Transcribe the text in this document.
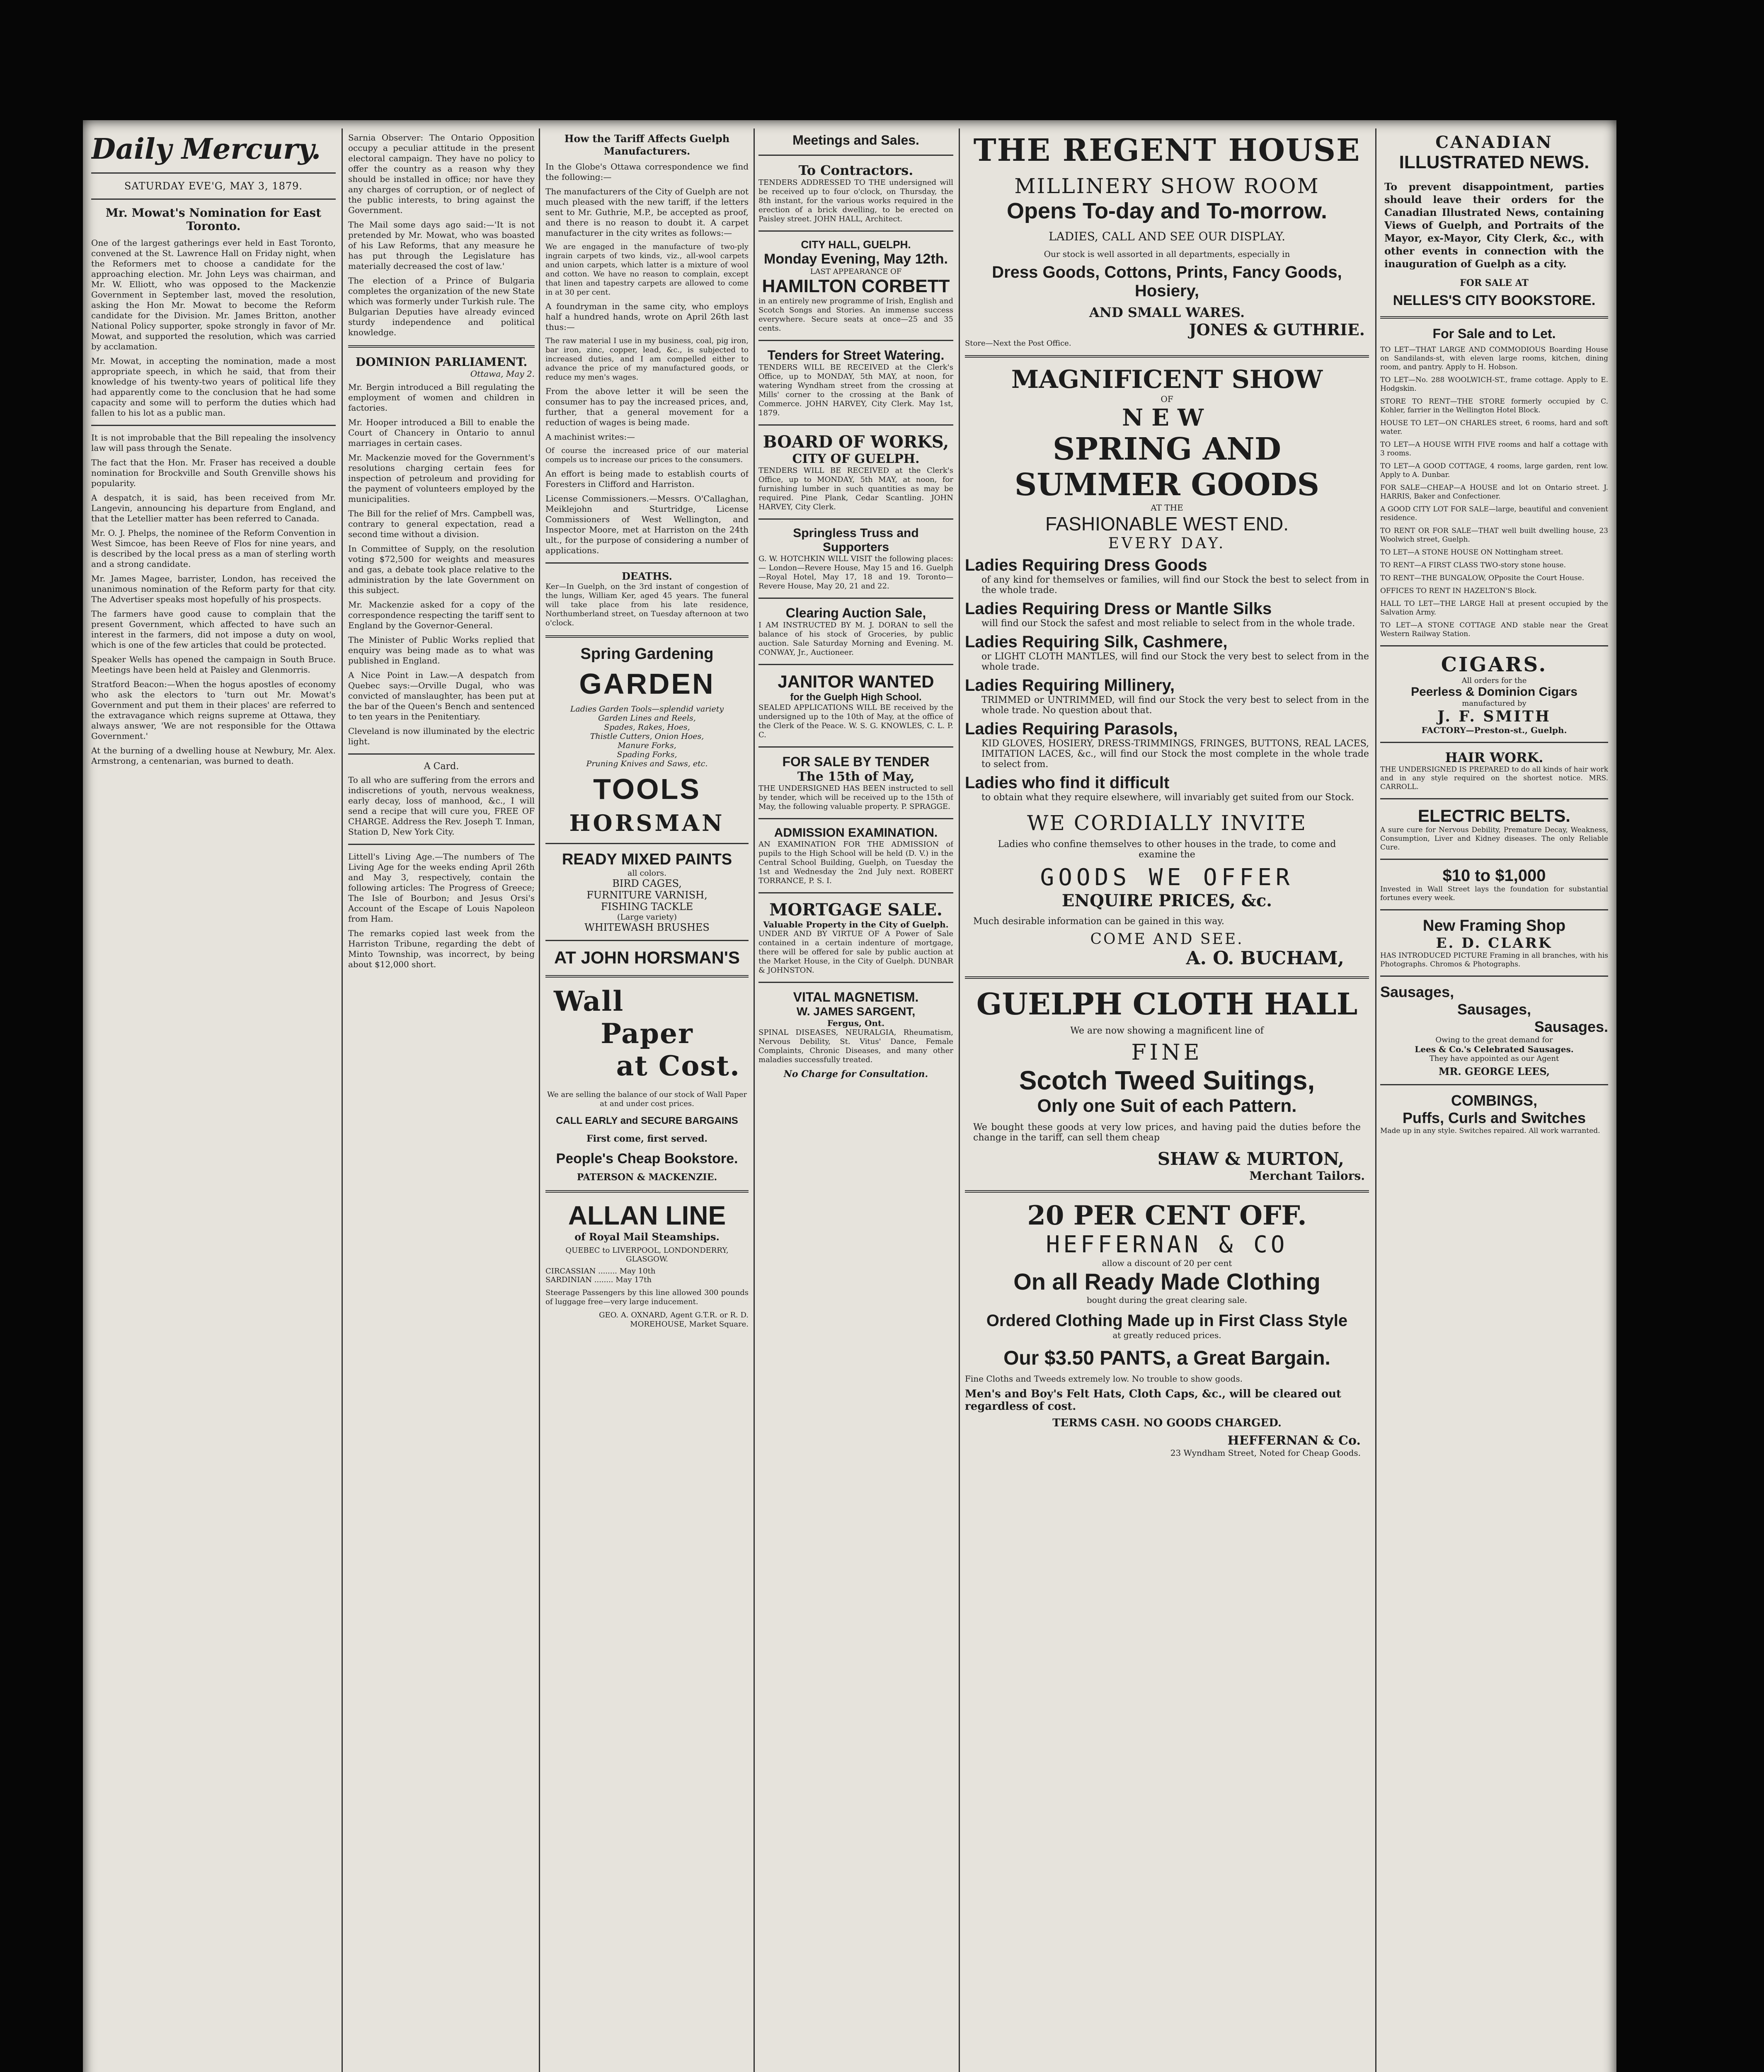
Daily Mercury.
SATURDAY EVE'G, MAY 3, 1879.
Mr. Mowat's Nomination for East Toronto.

One of the largest gatherings ever held in East Toronto, convened at the St. Lawrence Hall on Friday night, when the Reformers met to choose a candidate for the approaching election. Mr. John Leys was chairman, and Mr. W. Elliott, who was opposed to the Mackenzie Government in September last, moved the resolution, asking the Hon Mr. Mowat to become the Reform candidate for the Division. Mr. James Britton, another National Policy supporter, spoke strongly in favor of Mr. Mowat, and supported the resolution, which was carried by acclamation.

Mr. Mowat, in accepting the nomination, made a most appropriate speech, in which he said, that from their knowledge of his twenty-two years of political life they had apparently come to the conclusion that he had some capacity and some will to perform the duties which had fallen to his lot as a public man.

It is not improbable that the Bill repealing the insolvency law will pass through the Senate.

The fact that the Hon. Mr. Fraser has received a double nomination for Brockville and South Grenville shows his popularity.

A despatch, it is said, has been received from Mr. Langevin, announcing his departure from England, and that the Letellier matter has been referred to Canada.

Mr. O. J. Phelps, the nominee of the Reform Convention in West Simcoe, has been Reeve of Flos for nine years, and is described by the local press as a man of sterling worth and a strong candidate.

Mr. James Magee, barrister, London, has received the unanimous nomination of the Reform party for that city. The Advertiser speaks most hopefully of his prospects.

The farmers have good cause to complain that the present Government, which affected to have such an interest in the farmers, did not impose a duty on wool, which is one of the few articles that could be protected.

Speaker Wells has opened the campaign in South Bruce. Meetings have been held at Paisley and Glenmorris.

Stratford Beacon:—When the hogus apostles of economy who ask the electors to 'turn out Mr. Mowat's Government and put them in their places' are referred to the extravagance which reigns supreme at Ottawa, they always answer, 'We are not responsible for the Ottawa Government.'

At the burning of a dwelling house at Newbury, Mr. Alex. Armstrong, a centenarian, was burned to death.

Sarnia Observer: The Ontario Opposition occupy a peculiar attitude in the present electoral campaign. They have no policy to offer the country as a reason why they should be installed in office; nor have they any charges of corruption, or of neglect of the public interests, to bring against the Government.

The Mail some days ago said:—'It is not pretended by Mr. Mowat, who was boasted of his Law Reforms, that any measure he has put through the Legislature has materially decreased the cost of law.'

The election of a Prince of Bulgaria completes the organization of the new State which was formerly under Turkish rule. The Bulgarian Deputies have already evinced sturdy independence and political knowledge.

DOMINION PARLIAMENT.
Ottawa, May 2.

Mr. Bergin introduced a Bill regulating the employment of women and children in factories.

Mr. Hooper introduced a Bill to enable the Court of Chancery in Ontario to annul marriages in certain cases.

Mr. Mackenzie moved for the Government's resolutions charging certain fees for inspection of petroleum and providing for the payment of volunteers employed by the municipalities.

The Bill for the relief of Mrs. Campbell was, contrary to general expectation, read a second time without a division.

In Committee of Supply, on the resolution voting $72,500 for weights and measures and gas, a debate took place relative to the administration by the late Government on this subject.

Mr. Mackenzie asked for a copy of the correspondence respecting the tariff sent to England by the Governor-General.

The Minister of Public Works replied that enquiry was being made as to what was published in England.

A Nice Point in Law.—A despatch from Quebec says:—Orville Dugal, who was convicted of manslaughter, has been put at the bar of the Queen's Bench and sentenced to ten years in the Penitentiary.

Cleveland is now illuminated by the electric light.

A Card.

To all who are suffering from the errors and indiscretions of youth, nervous weakness, early decay, loss of manhood, &c., I will send a recipe that will cure you, FREE OF CHARGE. Address the Rev. Joseph T. Inman, Station D, New York City.

Littell's Living Age.—The numbers of The Living Age for the weeks ending April 26th and May 3, respectively, contain the following articles: The Progress of Greece; The Isle of Bourbon; and Jesus Orsi's Account of the Escape of Louis Napoleon from Ham.

The remarks copied last week from the Harriston Tribune, regarding the debt of Minto Township, was incorrect, by being about $12,000 short.

How the Tariff Affects Guelph Manufacturers.

In the Globe's Ottawa correspondence we find the following:—

The manufacturers of the City of Guelph are not much pleased with the new tariff, if the letters sent to Mr. Guthrie, M.P., be accepted as proof, and there is no reason to doubt it. A carpet manufacturer in the city writes as follows:—

We are engaged in the manufacture of two-ply ingrain carpets of two kinds, viz., all-wool carpets and union carpets, which latter is a mixture of wool and cotton. We have no reason to complain, except that linen and tapestry carpets are allowed to come in at 30 per cent.

A foundryman in the same city, who employs half a hundred hands, wrote on April 26th last thus:—

The raw material I use in my business, coal, pig iron, bar iron, zinc, copper, lead, &c., is subjected to increased duties, and I am compelled either to advance the price of my manufactured goods, or reduce my men's wages.

From the above letter it will be seen the consumer has to pay the increased prices, and, further, that a general movement for a reduction of wages is being made.

A machinist writes:—

Of course the increased price of our material compels us to increase our prices to the consumers.

An effort is being made to establish courts of Foresters in Clifford and Harriston.

License Commissioners.—Messrs. O'Callaghan, Meiklejohn and Sturtridge, License Commissioners of West Wellington, and Inspector Moore, met at Harriston on the 24th ult., for the purpose of considering a number of applications.

DEATHS.

Ker—In Guelph, on the 3rd instant of congestion of the lungs, William Ker, aged 45 years. The funeral will take place from his late residence, Northumberland street, on Tuesday afternoon at two o'clock.

Spring Gardening
GARDEN
Ladies Garden Tools—splendid variety
Garden Lines and Reels,
Spades, Rakes, Hoes,
Thistle Cutters, Onion Hoes,
Manure Forks,
Spading Forks,
Pruning Knives and Saws, etc.
TOOLS
HORSMAN
READY MIXED PAINTS
all colors.
BIRD CAGES,
FURNITURE VARNISH,
FISHING TACKLE
(Large variety)
WHITEWASH BRUSHES
AT JOHN HORSMAN'S
Wall
Paper
at Cost.

We are selling the balance of our stock of Wall Paper at and under cost prices.

CALL EARLY and SECURE BARGAINS
First come, first served.
People's Cheap Bookstore.
PATERSON & MACKENZIE.
ALLAN LINE
of Royal Mail Steamships.
QUEBEC to LIVERPOOL, LONDONDERRY, GLASGOW.
CIRCASSIAN ........ May 10th
SARDINIAN ........ May 17th

Steerage Passengers by this line allowed 300 pounds of luggage free—very large inducement.

GEO. A. OXNARD, Agent G.T.R. or R. D. MOREHOUSE, Market Square.

Meetings and Sales.
To Contractors.

TENDERS ADDRESSED TO THE undersigned will be received up to four o'clock, on Thursday, the 8th instant, for the various works required in the erection of a brick dwelling, to be erected on Paisley street. JOHN HALL, Architect.

CITY HALL, GUELPH.
Monday Evening, May 12th.
LAST APPEARANCE OF
HAMILTON CORBETT

in an entirely new programme of Irish, English and Scotch Songs and Stories. An immense success everywhere. Secure seats at once—25 and 35 cents.

Tenders for Street Watering.

TENDERS WILL BE RECEIVED at the Clerk's Office, up to MONDAY, 5th MAY, at noon, for watering Wyndham street from the crossing at Mills' corner to the crossing at the Bank of Commerce. JOHN HARVEY, City Clerk. May 1st, 1879.

BOARD OF WORKS,
CITY OF GUELPH.

TENDERS WILL BE RECEIVED at the Clerk's Office, up to MONDAY, 5th MAY, at noon, for furnishing lumber in such quantities as may be required. Pine Plank, Cedar Scantling. JOHN HARVEY, City Clerk.

Springless Truss and Supporters

G. W. HOTCHKIN WILL VISIT the following places:— London—Revere House, May 15 and 16. Guelph—Royal Hotel, May 17, 18 and 19. Toronto—Revere House, May 20, 21 and 22.

Clearing Auction Sale,

I AM INSTRUCTED BY M. J. DORAN to sell the balance of his stock of Groceries, by public auction. Sale Saturday Morning and Evening. M. CONWAY, Jr., Auctioneer.

JANITOR WANTED
for the Guelph High School.

SEALED APPLICATIONS WILL BE received by the undersigned up to the 10th of May, at the office of the Clerk of the Peace. W. S. G. KNOWLES, C. L. P. C.

FOR SALE BY TENDER
The 15th of May,

THE UNDERSIGNED HAS BEEN instructed to sell by tender, which will be received up to the 15th of May, the following valuable property. P. SPRAGGE.

ADMISSION EXAMINATION.

AN EXAMINATION FOR THE ADMISSION of pupils to the High School will be held (D. V.) in the Central School Building, Guelph, on Tuesday the 1st and Wednesday the 2nd July next. ROBERT TORRANCE, P. S. I.

MORTGAGE SALE.
Valuable Property in the City of Guelph.

UNDER AND BY VIRTUE OF A Power of Sale contained in a certain indenture of mortgage, there will be offered for sale by public auction at the Market House, in the City of Guelph. DUNBAR & JOHNSTON.

VITAL MAGNETISM.
W. JAMES SARGENT,
Fergus, Ont.

SPINAL DISEASES, NEURALGIA, Rheumatism, Nervous Debility, St. Vitus' Dance, Female Complaints, Chronic Diseases, and many other maladies successfully treated.

No Charge for Consultation.
THE REGENT HOUSE
MILLINERY SHOW ROOM
Opens To-day and To-morrow.
LADIES, CALL AND SEE OUR DISPLAY.
Our stock is well assorted in all departments, especially in
Dress Goods, Cottons, Prints, Fancy Goods, Hosiery,
AND SMALL WARES.
JONES & GUTHRIE.
Store—Next the Post Office.
MAGNIFICENT SHOW
OF
NEW
SPRING AND
SUMMER GOODS
AT THE
FASHIONABLE WEST END.
EVERY DAY.
Ladies Requiring Dress Goods

of any kind for themselves or families, will find our Stock the best to select from in the whole trade.

Ladies Requiring Dress or Mantle Silks

will find our Stock the safest and most reliable to select from in the whole trade.

Ladies Requiring Silk, Cashmere,

or LIGHT CLOTH MANTLES, will find our Stock the very best to select from in the whole trade.

Ladies Requiring Millinery,

TRIMMED or UNTRIMMED, will find our Stock the very best to select from in the whole trade. No question about that.

Ladies Requiring Parasols,

KID GLOVES, HOSIERY, DRESS-TRIMMINGS, FRINGES, BUTTONS, REAL LACES, IMITATION LACES, &c., will find our Stock the most complete in the whole trade to select from.

Ladies who find it difficult

to obtain what they require elsewhere, will invariably get suited from our Stock.

WE CORDIALLY INVITE
Ladies who confine themselves to other houses in the trade, to come and examine the
GOODS WE OFFER
ENQUIRE PRICES, &c.
Much desirable information can be gained in this way.
COME AND SEE.
A. O. BUCHAM,
GUELPH CLOTH HALL
We are now showing a magnificent line of
FINE
Scotch Tweed Suitings,
Only one Suit of each Pattern.

We bought these goods at very low prices, and having paid the duties before the change in the tariff, can sell them cheap

SHAW & MURTON,
Merchant Tailors.
20 PER CENT OFF.
HEFFERNAN & CO
allow a discount of 20 per cent
On all Ready Made Clothing
bought during the great clearing sale.
Ordered Clothing Made up in First Class Style
at greatly reduced prices.
Our $3.50 PANTS, a Great Bargain.
Fine Cloths and Tweeds extremely low. No trouble to show goods.
Men's and Boy's Felt Hats, Cloth Caps, &c., will be cleared out regardless of cost.
TERMS CASH. NO GOODS CHARGED.
HEFFERNAN & Co.
23 Wyndham Street, Noted for Cheap Goods.
CANADIAN
ILLUSTRATED NEWS.

To prevent disappointment, parties should leave their orders for the Canadian Illustrated News, containing Views of Guelph, and Portraits of the Mayor, ex-Mayor, City Clerk, &c., with other events in connection with the inauguration of Guelph as a city.

FOR SALE AT
NELLES'S CITY BOOKSTORE.
For Sale and to Let.

TO LET—THAT LARGE AND COMMODIOUS Boarding House on Sandilands-st, with eleven large rooms, kitchen, dining room, and pantry. Apply to H. Hobson.

TO LET—No. 288 WOOLWICH-ST., frame cottage. Apply to E. Hodgskin.

STORE TO RENT—THE STORE formerly occupied by C. Kohler, farrier in the Wellington Hotel Block.

HOUSE TO LET—ON CHARLES street, 6 rooms, hard and soft water.

TO LET—A HOUSE WITH FIVE rooms and half a cottage with 3 rooms.

TO LET—A GOOD COTTAGE, 4 rooms, large garden, rent low. Apply to A. Dunbar.

FOR SALE—CHEAP—A HOUSE and lot on Ontario street. J. HARRIS, Baker and Confectioner.

A GOOD CITY LOT FOR SALE—large, beautiful and convenient residence.

TO RENT OR FOR SALE—THAT well built dwelling house, 23 Woolwich street, Guelph.

TO LET—A STONE HOUSE ON Nottingham street.

TO RENT—A FIRST CLASS TWO-story stone house.

TO RENT—THE BUNGALOW, OPposite the Court House.

OFFICES TO RENT IN HAZELTON'S Block.

HALL TO LET—THE LARGE Hall at present occupied by the Salvation Army.

TO LET—A STONE COTTAGE AND stable near the Great Western Railway Station.

CIGARS.
All orders for the
Peerless & Dominion Cigars
manufactured by
J. F. SMITH
FACTORY—Preston-st., Guelph.
HAIR WORK.

THE UNDERSIGNED IS PREPARED to do all kinds of hair work and in any style required on the shortest notice. MRS. CARROLL.

ELECTRIC BELTS.

A sure cure for Nervous Debility, Premature Decay, Weakness, Consumption, Liver and Kidney diseases. The only Reliable Cure.

$10 to $1,000

Invested in Wall Street lays the foundation for substantial fortunes every week.

New Framing Shop
E. D. CLARK

HAS INTRODUCED PICTURE Framing in all branches, with his Photographs. Chromos & Photographs.

Sausages,
Sausages,
Sausages.
Owing to the great demand for
Lees & Co.'s Celebrated Sausages.
They have appointed as our Agent
MR. GEORGE LEES,
COMBINGS,
Puffs, Curls and Switches

Made up in any style. Switches repaired. All work warranted.
